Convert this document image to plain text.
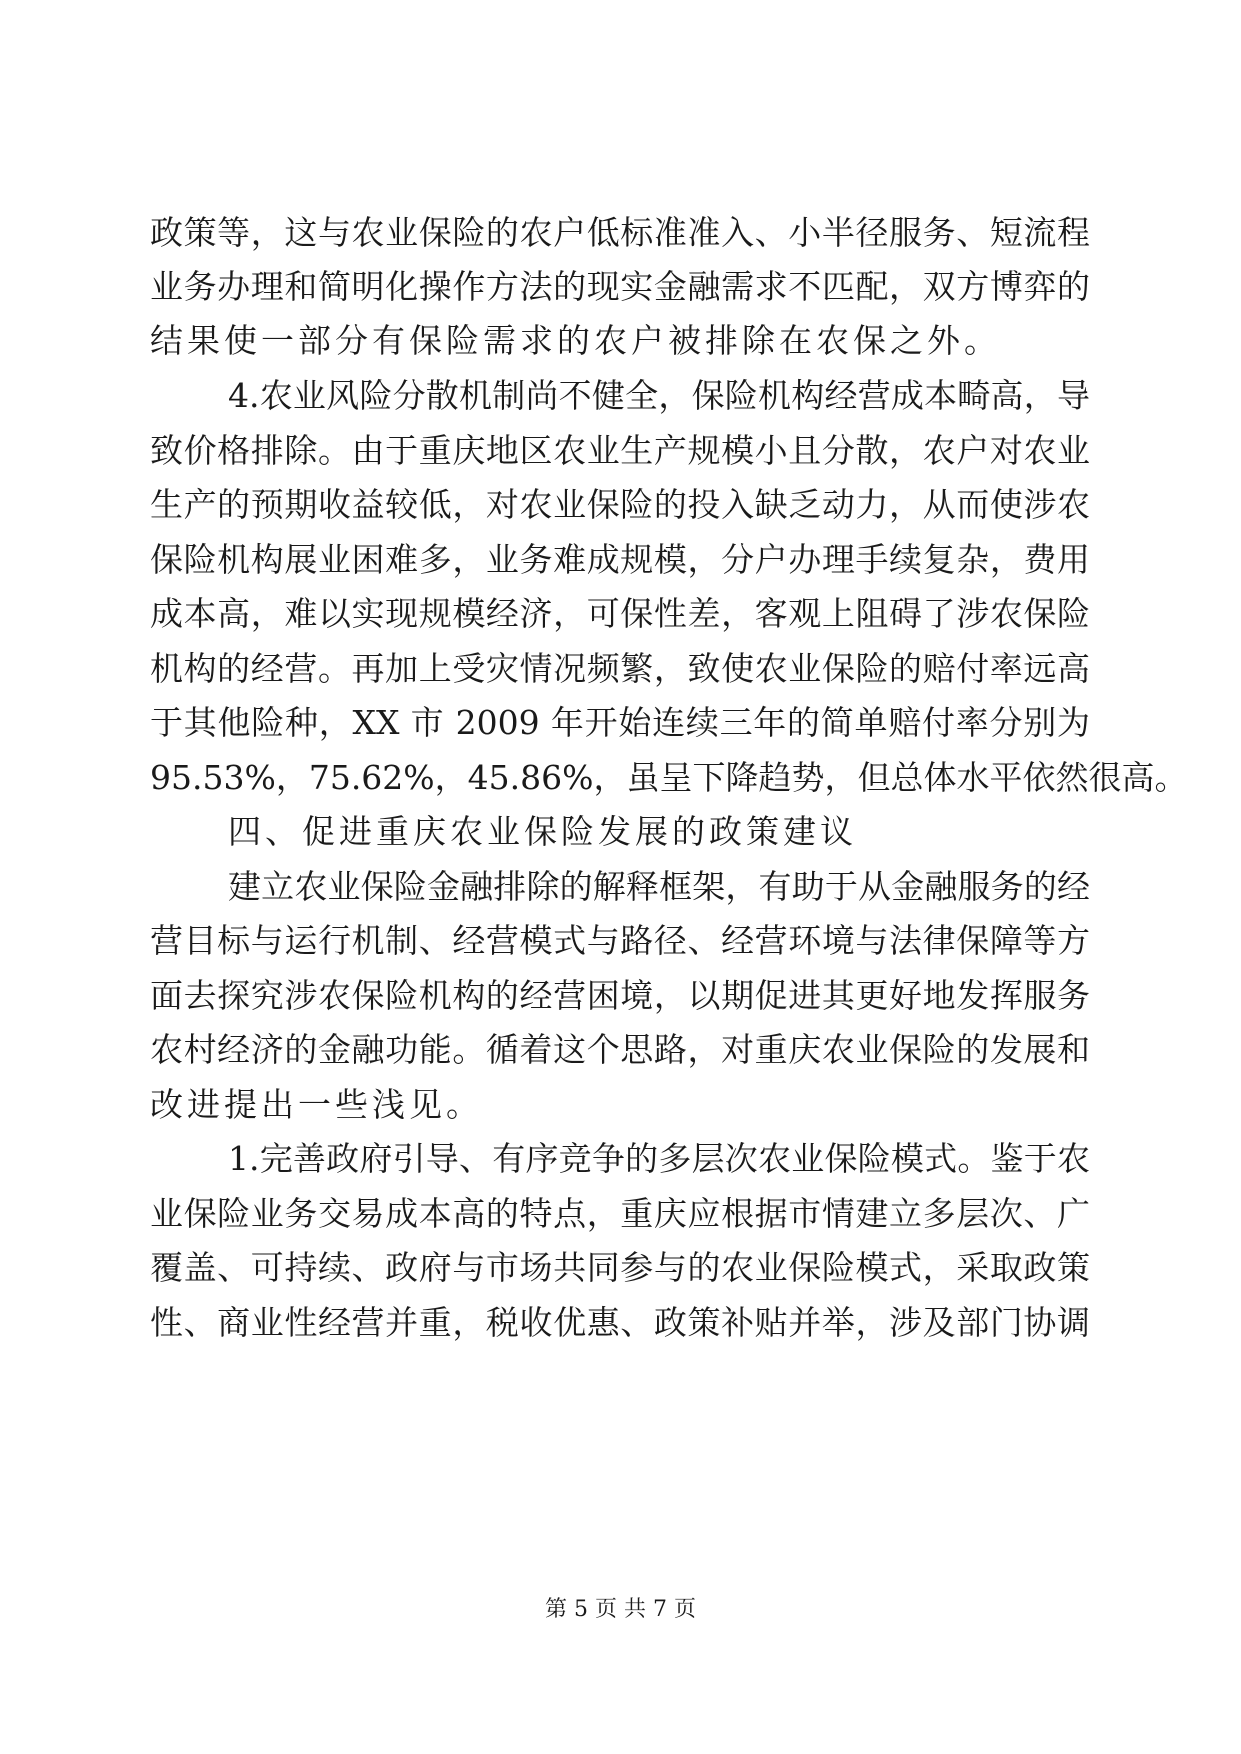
政策等，这与农业保险的农户低标准准入、小半径服务、短流程
业务办理和简明化操作方法的现实金融需求不匹配，双方博弈的
结果使一部分有保险需求的农户被排除在农保之外。
4.农业风险分散机制尚不健全，保险机构经营成本畸高，导
致价格排除。由于重庆地区农业生产规模小且分散，农户对农业
生产的预期收益较低，对农业保险的投入缺乏动力，从而使涉农
保险机构展业困难多，业务难成规模，分户办理手续复杂，费用
成本高，难以实现规模经济，可保性差，客观上阻碍了涉农保险
机构的经营。再加上受灾情况频繁，致使农业保险的赔付率远高
于其他险种，XX 市 2009 年开始连续三年的简单赔付率分别为
95.53%，75.62%，45.86%，虽呈下降趋势，但总体水平依然很高。
四、促进重庆农业保险发展的政策建议
建立农业保险金融排除的解释框架，有助于从金融服务的经
营目标与运行机制、经营模式与路径、经营环境与法律保障等方
面去探究涉农保险机构的经营困境，以期促进其更好地发挥服务
农村经济的金融功能。循着这个思路，对重庆农业保险的发展和
改进提出一些浅见。
1.完善政府引导、有序竞争的多层次农业保险模式。鉴于农
业保险业务交易成本高的特点，重庆应根据市情建立多层次、广
覆盖、可持续、政府与市场共同参与的农业保险模式，采取政策
性、商业性经营并重，税收优惠、政策补贴并举，涉及部门协调
第 5 页 共 7 页
